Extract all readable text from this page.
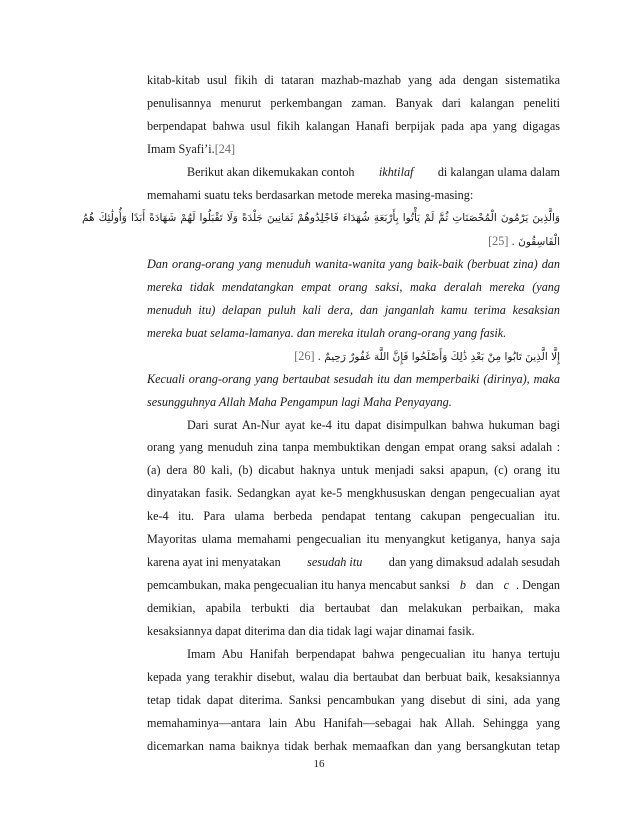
kitab-kitab usul fikih di tataran mazhab-mazhab yang ada dengan sistematika
penulisannya menurut perkembangan zaman. Banyak dari kalangan peneliti
berpendapat bahwa usul fikih kalangan Hanafi berpijak pada apa yang digagas
Imam Syafi’i.[24]
Berikut akan dikemukakan contoh ikhtilaf di kalangan ulama dalam
memahami suatu teks berdasarkan metode mereka masing-masing:
وَالَّذِينَ يَرْمُونَ الْمُحْصَنَاتِ ثُمَّ لَمْ يَأْتُوا بِأَرْبَعَةِ شُهَدَاءَ فَاجْلِدُوهُمْ ثَمَانِينَ جَلْدَةً وَلَا تَقْبَلُوا لَهُمْ شَهَادَةً أَبَدًا وَأُولَٰئِكَ هُمُ
[25] الْفَاسِقُونَ .
Dan orang-orang yang menuduh wanita-wanita yang baik-baik (berbuat zina) dan
mereka tidak mendatangkan empat orang saksi, maka deralah mereka (yang
menuduh itu) delapan puluh kali dera, dan janganlah kamu terima kesaksian
mereka buat selama-lamanya. dan mereka itulah orang-orang yang fasik.
[26] إِلَّا الَّذِينَ تَابُوا مِنْ بَعْدِ ذَٰلِكَ وَأَصْلَحُوا فَإِنَّ اللَّهَ غَفُورٌ رَحِيمٌ .
Kecuali orang-orang yang bertaubat sesudah itu dan memperbaiki (dirinya), maka
sesungguhnya Allah Maha Pengampun lagi Maha Penyayang.
Dari surat An-Nur ayat ke-4 itu dapat disimpulkan bahwa hukuman bagi
orang yang menuduh zina tanpa membuktikan dengan empat orang saksi adalah :
(a) dera 80 kali, (b) dicabut haknya untuk menjadi saksi apapun, (c) orang itu
dinyatakan fasik. Sedangkan ayat ke-5 mengkhususkan dengan pengecualian ayat
ke-4 itu. Para ulama berbeda pendapat tentang cakupan pengecualian itu.
Mayoritas ulama memahami pengecualian itu menyangkut ketiganya, hanya saja
karena ayat ini menyatakan sesudah itu dan yang dimaksud adalah sesudah
pemcambukan, maka pengecualian itu hanya mencabut sanksi b dan c . Dengan
demikian, apabila terbukti dia bertaubat dan melakukan perbaikan, maka
kesaksiannya dapat diterima dan dia tidak lagi wajar dinamai fasik.
Imam Abu Hanifah berpendapat bahwa pengecualian itu hanya tertuju
16
kepada yang terakhir disebut, walau dia bertaubat dan berbuat baik, kesaksiannya
tetap tidak dapat diterima. Sanksi pencambukan yang disebut di sini, ada yang
memahaminya—antara lain Abu Hanifah—sebagai hak Allah. Sehingga yang
dicemarkan nama baiknya tidak berhak memaafkan dan yang bersangkutan tetap
